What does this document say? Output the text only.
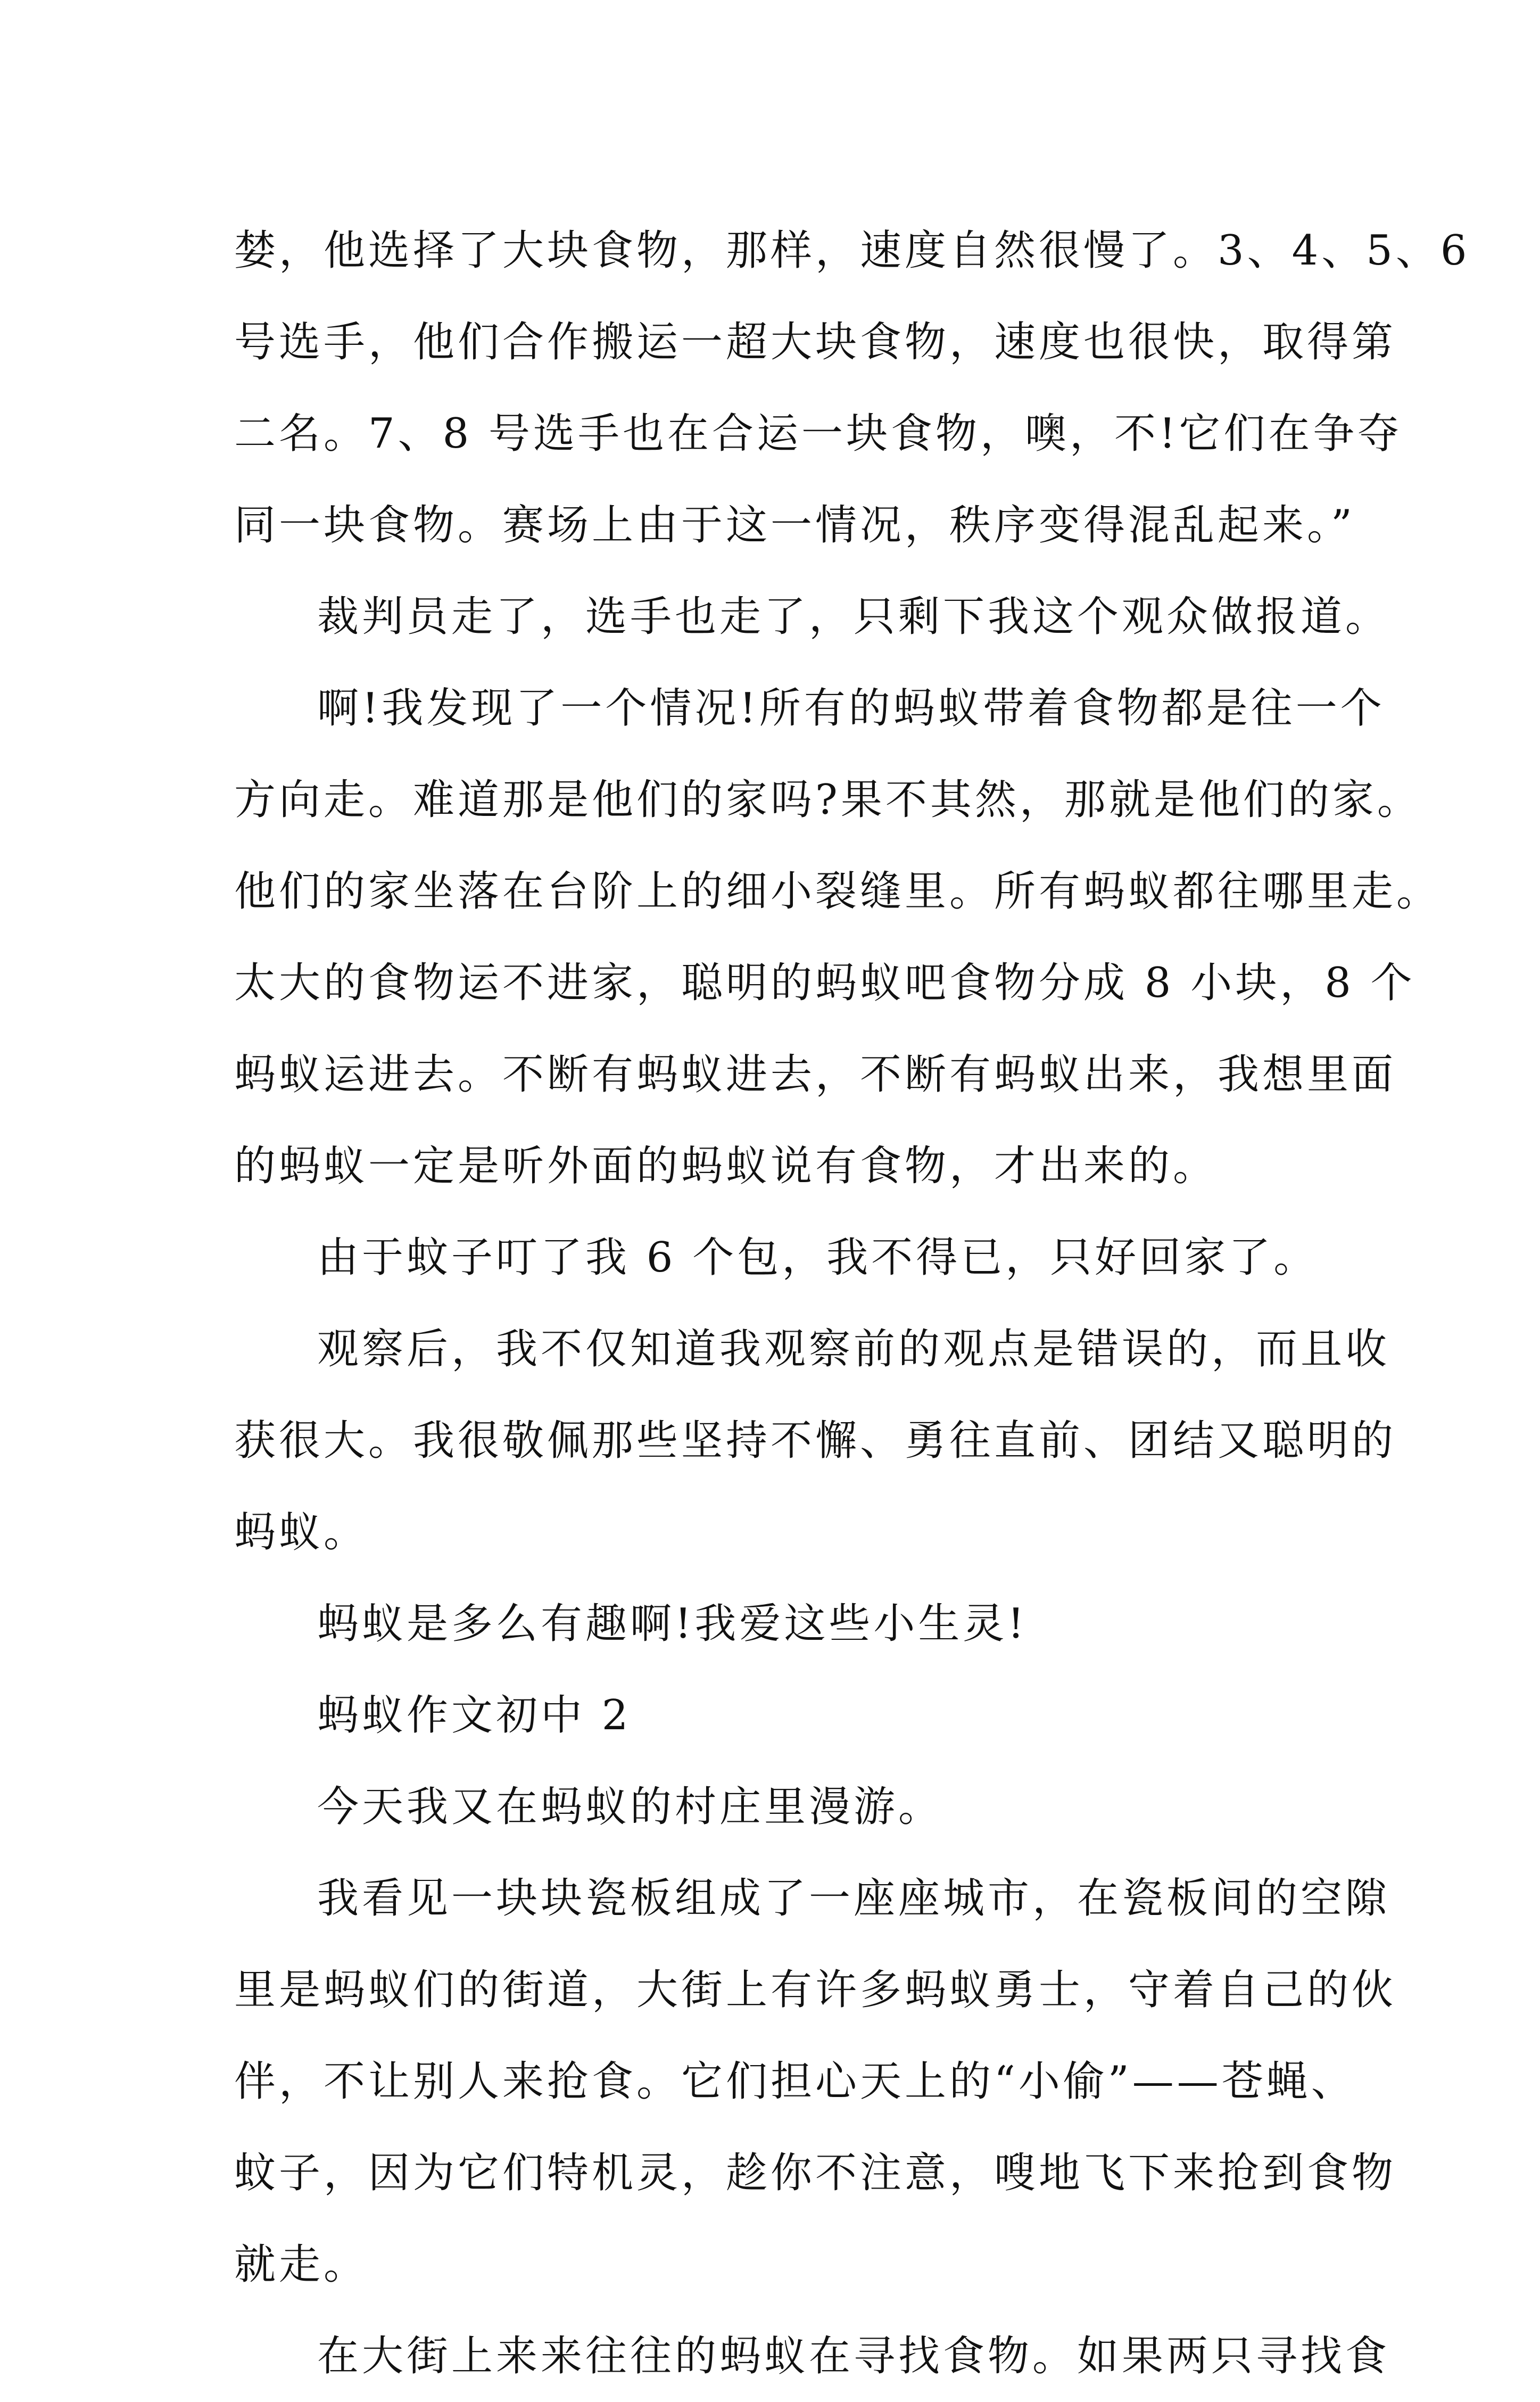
婪，他选择了大块食物，那样，速度自然很慢了。3、4、5、6
号选手，他们合作搬运一超大块食物，速度也很快，取得第
二名。7、8 号选手也在合运一块食物，噢，不!它们在争夺
同一块食物。赛场上由于这一情况，秩序变得混乱起来。”
裁判员走了，选手也走了，只剩下我这个观众做报道。
啊!我发现了一个情况!所有的蚂蚁带着食物都是往一个
方向走。难道那是他们的家吗?果不其然，那就是他们的家。
他们的家坐落在台阶上的细小裂缝里。所有蚂蚁都往哪里走。
太大的食物运不进家，聪明的蚂蚁吧食物分成 8 小块，8 个
蚂蚁运进去。不断有蚂蚁进去，不断有蚂蚁出来，我想里面
的蚂蚁一定是听外面的蚂蚁说有食物，才出来的。
由于蚊子叮了我 6 个包，我不得已，只好回家了。
观察后，我不仅知道我观察前的观点是错误的，而且收
获很大。我很敬佩那些坚持不懈、勇往直前、团结又聪明的
蚂蚁。
蚂蚁是多么有趣啊!我爱这些小生灵!
蚂蚁作文初中 2
今天我又在蚂蚁的村庄里漫游。
我看见一块块瓷板组成了一座座城市，在瓷板间的空隙
里是蚂蚁们的街道，大街上有许多蚂蚁勇士，守着自己的伙
伴，不让别人来抢食。它们担心天上的“小偷”——苍蝇、
蚊子，因为它们特机灵，趁你不注意，嗖地飞下来抢到食物
就走。
在大街上来来往往的蚂蚁在寻找食物。如果两只寻找食
